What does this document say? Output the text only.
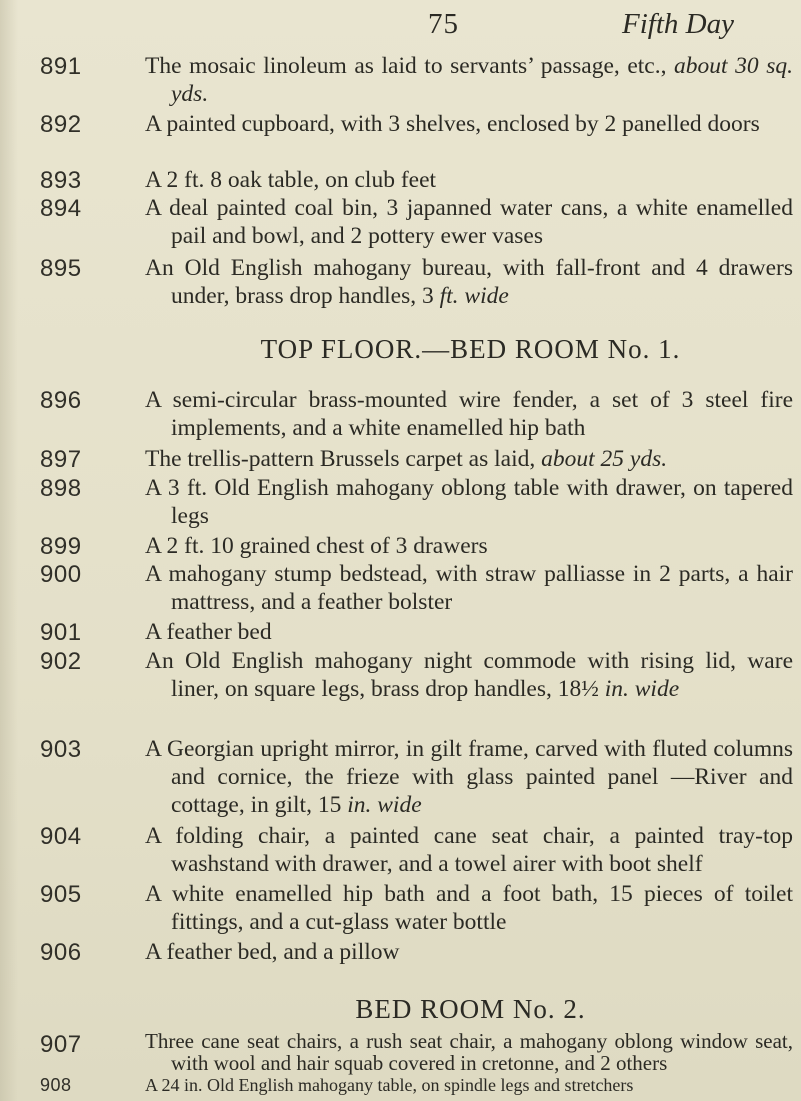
75	Fifth Day
891	The mosaic linoleum as laid to servants’ passage, etc., about 30 sq. yds.
892	A painted cupboard, with 3 shelves, enclosed by 2 panelled doors
893	A 2 ft. 8 oak table, on club feet
894	A deal painted coal bin, 3 japanned water cans, a white enamelled pail and bowl, and 2 pottery ewer vases
895	An Old English mahogany bureau, with fall-front and 4 drawers under, brass drop handles, 3 ft. wide
TOP FLOOR.—BED ROOM No. 1.
896	A semi-circular brass-mounted wire fender, a set of 3 steel fire implements, and a white enamelled hip bath
897	The trellis-pattern Brussels carpet as laid, about 25 yds.
898	A 3 ft. Old English mahogany oblong table with drawer, on tapered legs
899	A 2 ft. 10 grained chest of 3 drawers
900	A mahogany stump bedstead, with straw palliasse in 2 parts, a hair mattress, and a feather bolster
901	A feather bed
902	An Old English mahogany night commode with rising lid, ware liner, on square legs, brass drop handles, 18½ in. wide
903	A Georgian upright mirror, in gilt frame, carved with fluted columns and cornice, the frieze with glass painted panel —River and cottage, in gilt, 15 in. wide
904	A folding chair, a painted cane seat chair, a painted tray-top washstand with drawer, and a towel airer with boot shelf
905	A white enamelled hip bath and a foot bath, 15 pieces of toilet fittings, and a cut-glass water bottle
906	A feather bed, and a pillow
BED ROOM No. 2.
907	Three cane seat chairs, a rush seat chair, a mahogany oblong window seat, with wool and hair squab covered in cretonne, and 2 others
908	A 24 in. Old English mahogany table, on spindle legs and stretchers
